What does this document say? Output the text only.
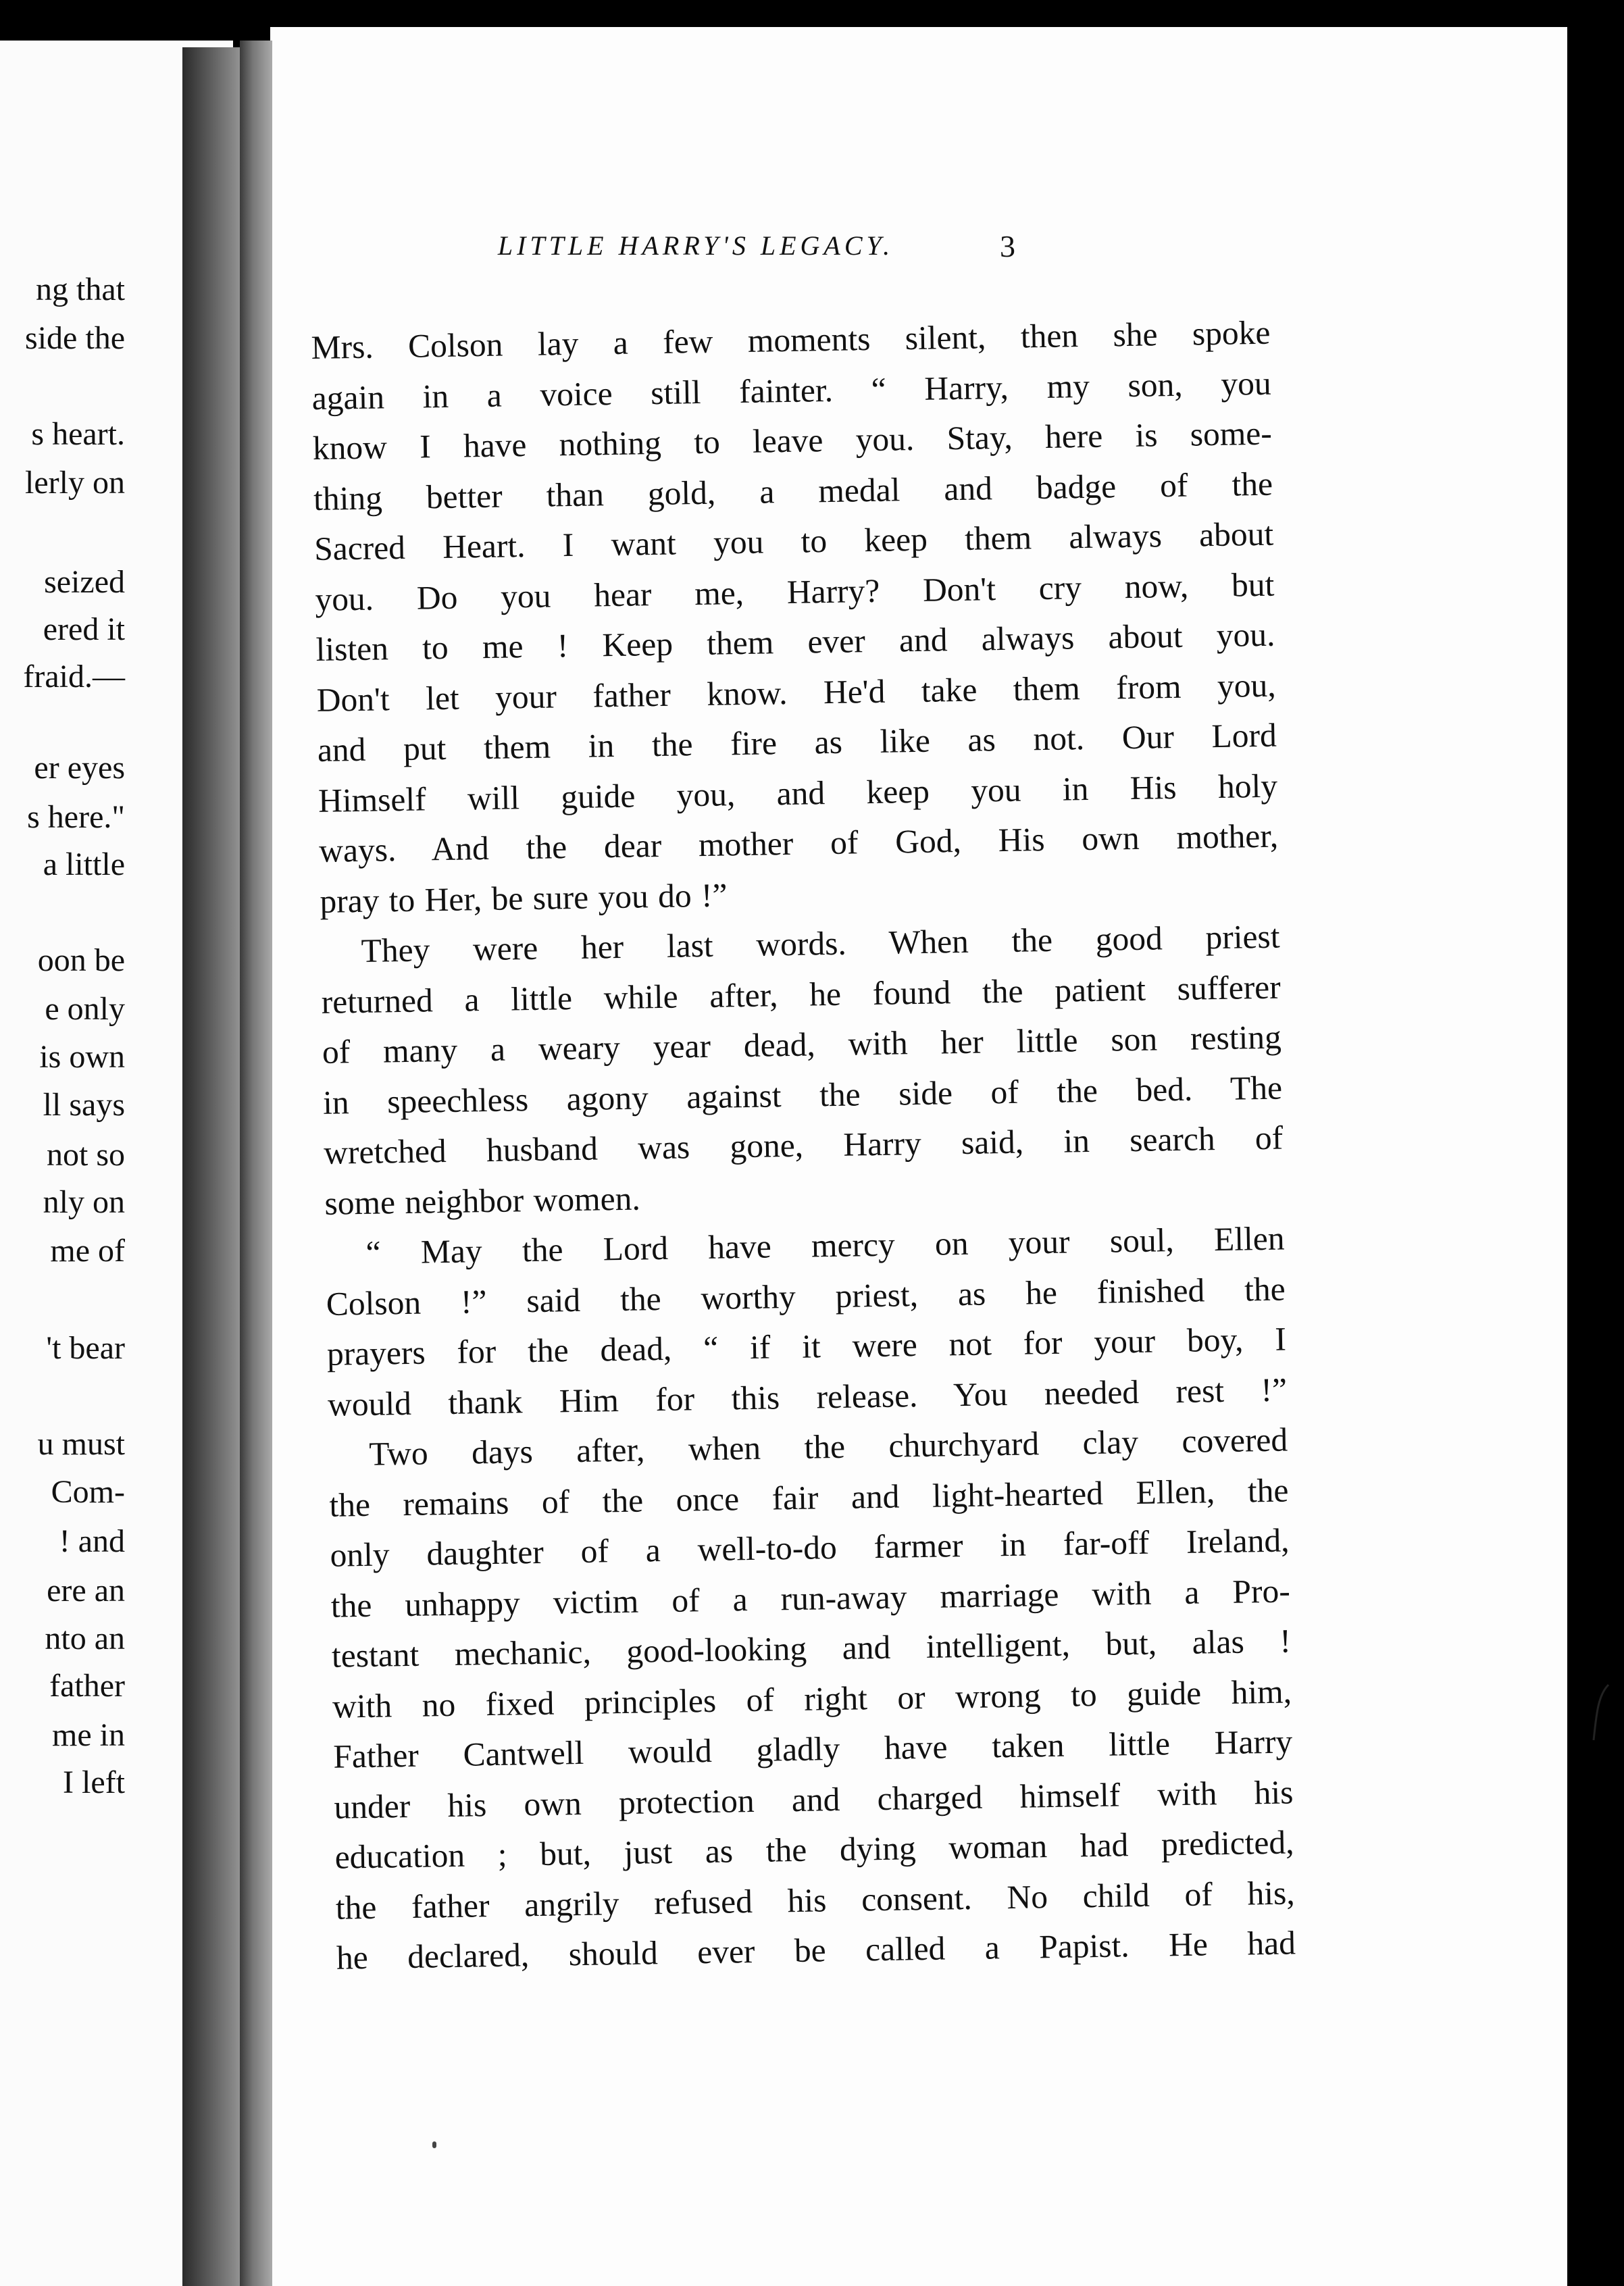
ng that
side the
s heart.
lerly on
seized
ered it
fraid.—
er eyes
s here."
a little
oon be
e only
is own
ll says
not so
nly on
me of
't bear
u must
Com-
! and
ere an
nto an
father
me in
I left
LITTLE HARRY'S LEGACY.	3
Mrs. Colson lay a few moments silent, then she spoke
again in a voice still fainter. “ Harry, my son, you
know I have nothing to leave you. Stay, here is some-
thing better than gold, a medal and badge of the
Sacred Heart. I want you to keep them always about
you. Do you hear me, Harry? Don't cry now, but
listen to me ! Keep them ever and always about you.
Don't let your father know. He'd take them from you,
and put them in the fire as like as not. Our Lord
Himself will guide you, and keep you in His holy
ways. And the dear mother of God, His own mother,
pray to Her, be sure you do !”
They were her last words. When the good priest
returned a little while after, he found the patient sufferer
of many a weary year dead, with her little son resting
in speechless agony against the side of the bed. The
wretched husband was gone, Harry said, in search of
some neighbor women.
“ May the Lord have mercy on your soul, Ellen
Colson !” said the worthy priest, as he finished the
prayers for the dead, “ if it were not for your boy, I
would thank Him for this release. You needed rest !”
Two days after, when the churchyard clay covered
the remains of the once fair and light-hearted Ellen, the
only daughter of a well-to-do farmer in far-off Ireland,
the unhappy victim of a run-away marriage with a Pro-
testant mechanic, good-looking and intelligent, but, alas !
with no fixed principles of right or wrong to guide him,
Father Cantwell would gladly have taken little Harry
under his own protection and charged himself with his
education ; but, just as the dying woman had predicted,
the father angrily refused his consent. No child of his,
he declared, should ever be called a Papist. He had
